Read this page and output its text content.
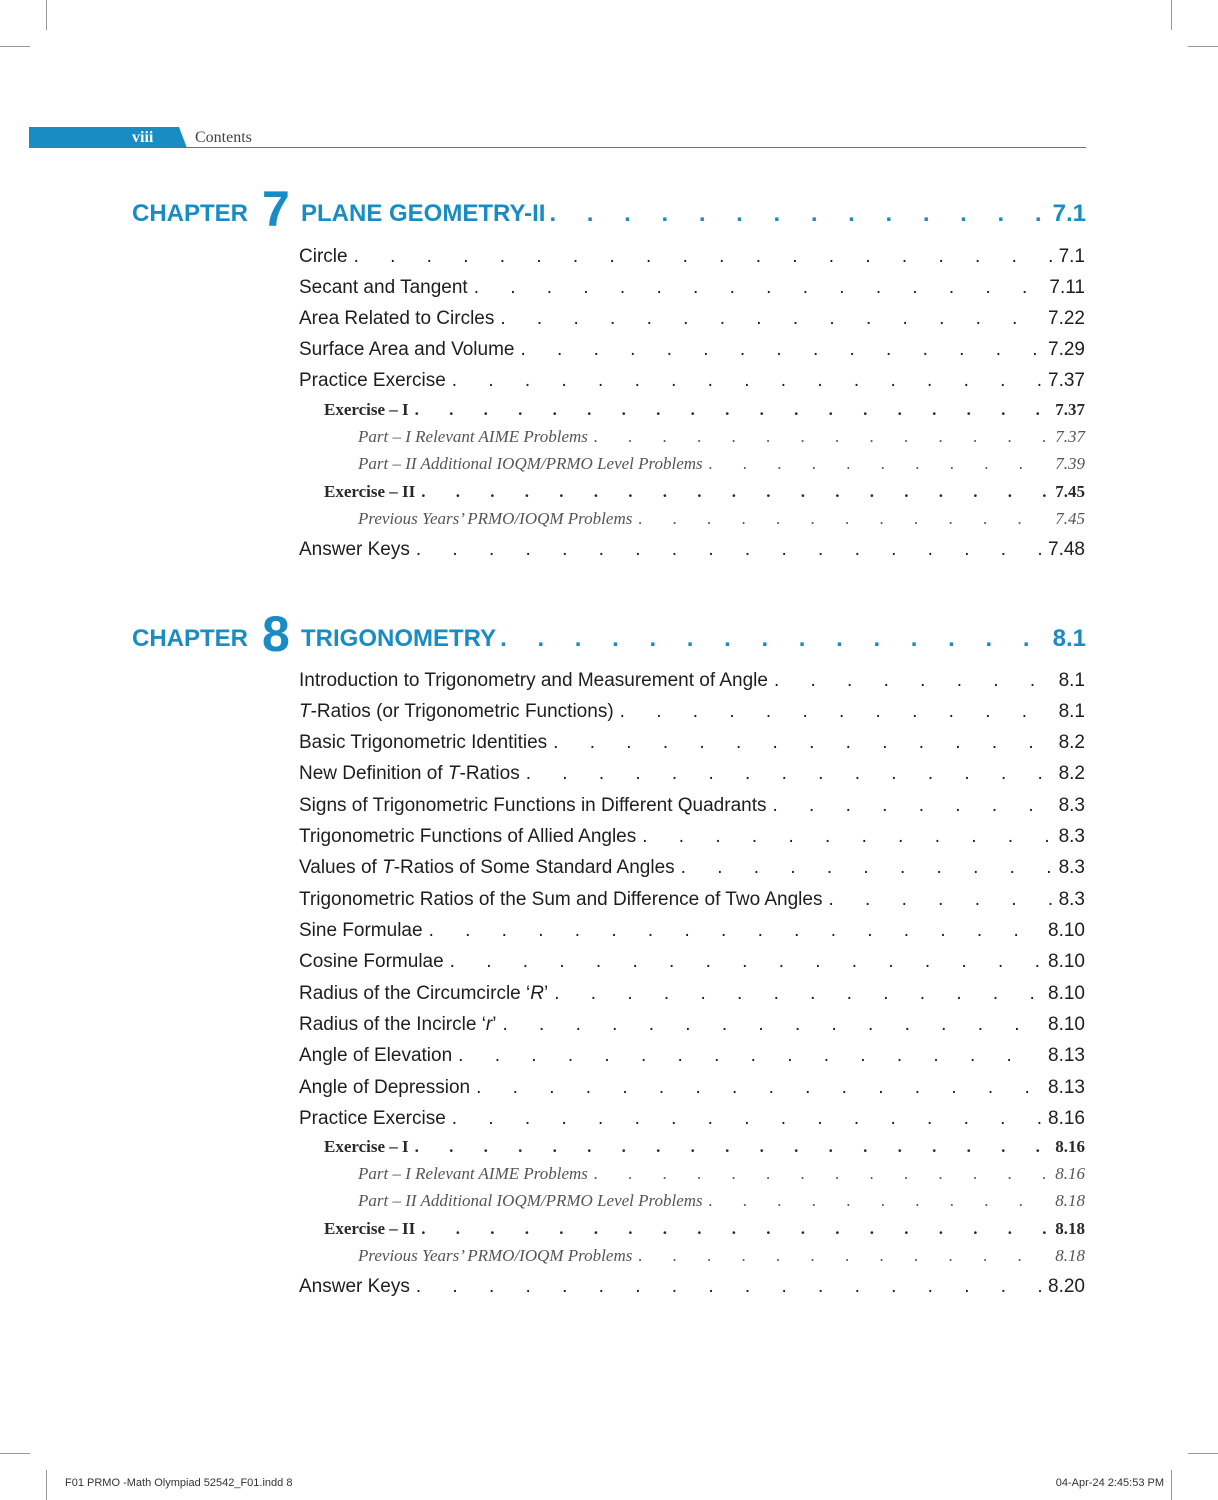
viii	Contents
CHAPTER 7 PLANE GEOMETRY-II . . .	7.1
Circle . . .	7.1
Secant and Tangent . . .	7.11
Area Related to Circles . . .	7.22
Surface Area and Volume . . .	7.29
Practice Exercise . . .	7.37
Exercise – I . . .	7.37
Part – I Relevant AIME Problems . . .	7.37
Part – II Additional IOQM/PRMO Level Problems . . .	7.39
Exercise – II . . .	7.45
Previous Years’ PRMO/IOQM Problems . . .	7.45
Answer Keys . . .	7.48
CHAPTER 8 TRIGONOMETRY . . .	8.1
Introduction to Trigonometry and Measurement of Angle . . .	8.1
T-Ratios (or Trigonometric Functions) . . .	8.1
Basic Trigonometric Identities . . .	8.2
New Definition of T-Ratios . . .	8.2
Signs of Trigonometric Functions in Different Quadrants . . .	8.3
Trigonometric Functions of Allied Angles . . .	8.3
Values of T-Ratios of Some Standard Angles . . .	8.3
Trigonometric Ratios of the Sum and Difference of Two Angles . . .	8.3
Sine Formulae . . .	8.10
Cosine Formulae . . .	8.10
Radius of the Circumcircle ‘R’ . . .	8.10
Radius of the Incircle ‘r’ . . .	8.10
Angle of Elevation . . .	8.13
Angle of Depression . . .	8.13
Practice Exercise . . .	8.16
Exercise – I . . .	8.16
Part – I Relevant AIME Problems . . .	8.16
Part – II Additional IOQM/PRMO Level Problems . . .	8.18
Exercise – II . . .	8.18
Previous Years’ PRMO/IOQM Problems . . .	8.18
Answer Keys . . .	8.20
F01 PRMO -Math Olympiad 52542_F01.indd 8	04-Apr-24 2:45:53 PM
